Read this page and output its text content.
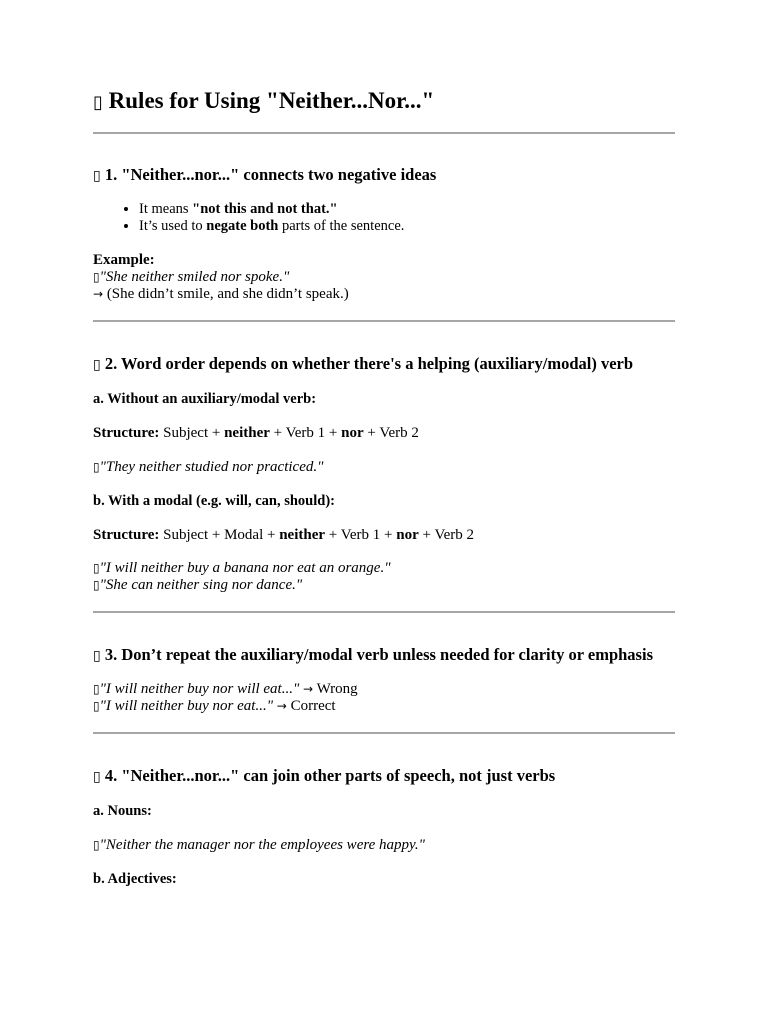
▯ Rules for Using "Neither...Nor..."
▯ 1. "Neither...nor..." connects two negative ideas
• It means "not this and not that."
• It’s used to negate both parts of the sentence.

Example:

▯"She neither smiled nor spoke."

→ (She didn’t smile, and she didn’t speak.)

▯ 2. Word order depends on whether there's a helping (auxiliary/modal) verb

a. Without an auxiliary/modal verb:

Structure: Subject + neither + Verb 1 + nor + Verb 2

▯"They neither studied nor practiced."

b. With a modal (e.g. will, can, should):

Structure: Subject + Modal + neither + Verb 1 + nor + Verb 2

▯"I will neither buy a banana nor eat an orange."

▯"She can neither sing nor dance."

▯ 3. Don’t repeat the auxiliary/modal verb unless needed for clarity or emphasis

▯"I will neither buy nor will eat..." → Wrong

▯"I will neither buy nor eat..." → Correct

▯ 4. "Neither...nor..." can join other parts of speech, not just verbs

a. Nouns:

▯"Neither the manager nor the employees were happy."

b. Adjectives:
